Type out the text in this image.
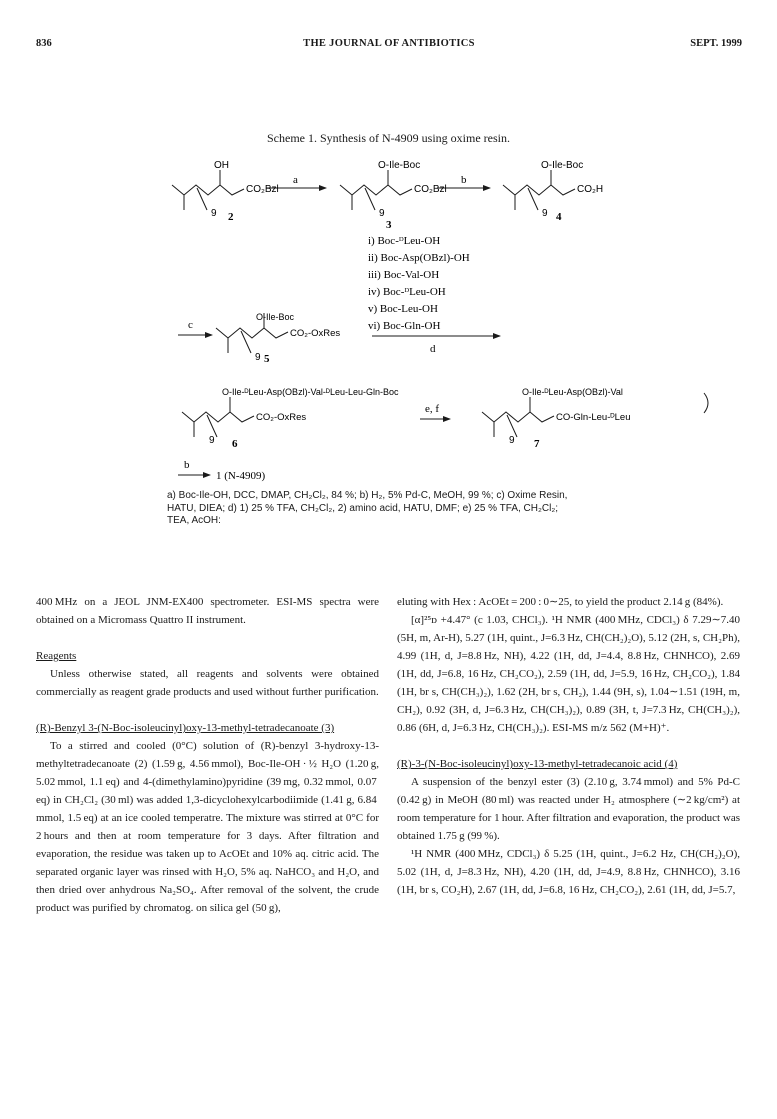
836	THE JOURNAL OF ANTIBIOTICS	SEPT. 1999
Scheme 1. Synthesis of N-4909 using oxime resin.
OH
CO₂Bzl
9 2
O-Ile-Boc
CO₂Bzl
9
3
O-Ile-Boc
CO₂H
9 4
a	b
c
d
e, f
b
i) Boc-ᴰLeu-OH
ii) Boc-Asp(OBzl)-OH
iii) Boc-Val-OH
iv) Boc-ᴰLeu-OH
v) Boc-Leu-OH
vi) Boc-Gln-OH
O-Ile-Boc
CO₂-OxRes
9 5
O-Ile-ᴰLeu-Asp(OBzl)-Val-ᴰLeu-Leu-Gln-Boc
CO₂-OxRes
9 6
O-Ile-ᴰLeu-Asp(OBzl)-Val
CO-Gln-Leu-ᴰLeu
9 7
1 (N-4909)
a) Boc-Ile-OH, DCC, DMAP, CH₂Cl₂, 84 %; b) H₂, 5% Pd-C, MeOH, 99 %; c) Oxime Resin,
HATU, DIEA; d) 1) 25 % TFA, CH₂Cl₂, 2) amino acid, HATU, DMF; e) 25 % TFA, CH₂Cl₂;
TEA, AcOH:

400 MHz on a JEOL JNM-EX400 spectrometer. ESI-MS spectra were obtained on a Micromass Quattro II instrument.

Reagents

Unless otherwise stated, all reagents and solvents were obtained commercially as reagent grade products and used without further purification.

(R)-Benzyl 3-(N-Boc-isoleucinyl)oxy-13-methyl-tetradecanoate (3)

To a stirred and cooled (0°C) solution of (R)-benzyl 3-hydroxy-13-methyltetradecanoate (2) (1.59 g, 4.56 mmol), Boc-Ile-OH · ½ H₂O (1.20 g, 5.02 mmol, 1.1 eq) and 4-(dimethylamino)pyridine (39 mg, 0.32 mmol, 0.07 eq) in CH₂Cl₂ (30 ml) was added 1,3-dicyclohexylcarbodiimide (1.41 g, 6.84 mmol, 1.5 eq) at an ice cooled temperatre. The mixture was stirred at 0°C for 2 hours and then at room temperature for 3 days. After filtration and evaporation, the residue was taken up to AcOEt and 10% aq. citric acid. The separated organic layer was rinsed with H₂O, 5% aq. NaHCO₃ and H₂O, and then dried over anhydrous Na₂SO₄. After removal of the solvent, the crude product was purified by chromatog. on silica gel (50 g),

eluting with Hex : AcOEt = 200 : 0∼25, to yield the product 2.14 g (84%).

[α]²⁵ᴅ +4.47° (c 1.03, CHCl₃). ¹H NMR (400 MHz, CDCl₃) δ 7.29∼7.40 (5H, m, Ar-H), 5.27 (1H, quint., J=6.3 Hz, CH(CH₂)₂O), 5.12 (2H, s, CH₂Ph), 4.99 (1H, d, J=8.8 Hz, NH), 4.22 (1H, dd, J=4.4, 8.8 Hz, CHNHCO), 2.69 (1H, dd, J=6.8, 16 Hz, CH₂CO₂), 2.59 (1H, dd, J=5.9, 16 Hz, CH₂CO₂), 1.84 (1H, br s, CH(CH₃)₂), 1.62 (2H, br s, CH₂), 1.44 (9H, s), 1.04∼1.51 (19H, m, CH₂), 0.92 (3H, d, J=6.3 Hz, CH(CH₃)₂), 0.89 (3H, t, J=7.3 Hz, CH(CH₃)₂), 0.86 (6H, d, J=6.3 Hz, CH(CH₃)₂). ESI-MS m/z 562 (M+H)⁺.

(R)-3-(N-Boc-isoleucinyl)oxy-13-methyl-tetradecanoic acid (4)

A suspension of the benzyl ester (3) (2.10 g, 3.74 mmol) and 5% Pd-C (0.42 g) in MeOH (80 ml) was reacted under H₂ atmosphere (∼2 kg/cm²) at room temperature for 1 hour. After filtration and evaporation, the product was obtained 1.75 g (99 %).

¹H NMR (400 MHz, CDCl₃) δ 5.25 (1H, quint., J=6.2 Hz, CH(CH₂)₂O), 5.02 (1H, d, J=8.3 Hz, NH), 4.20 (1H, dd, J=4.9, 8.8 Hz, CHNHCO), 3.16 (1H, br s, CO₂H), 2.67 (1H, dd, J=6.8, 16 Hz, CH₂CO₂), 2.61 (1H, dd, J=5.7,
